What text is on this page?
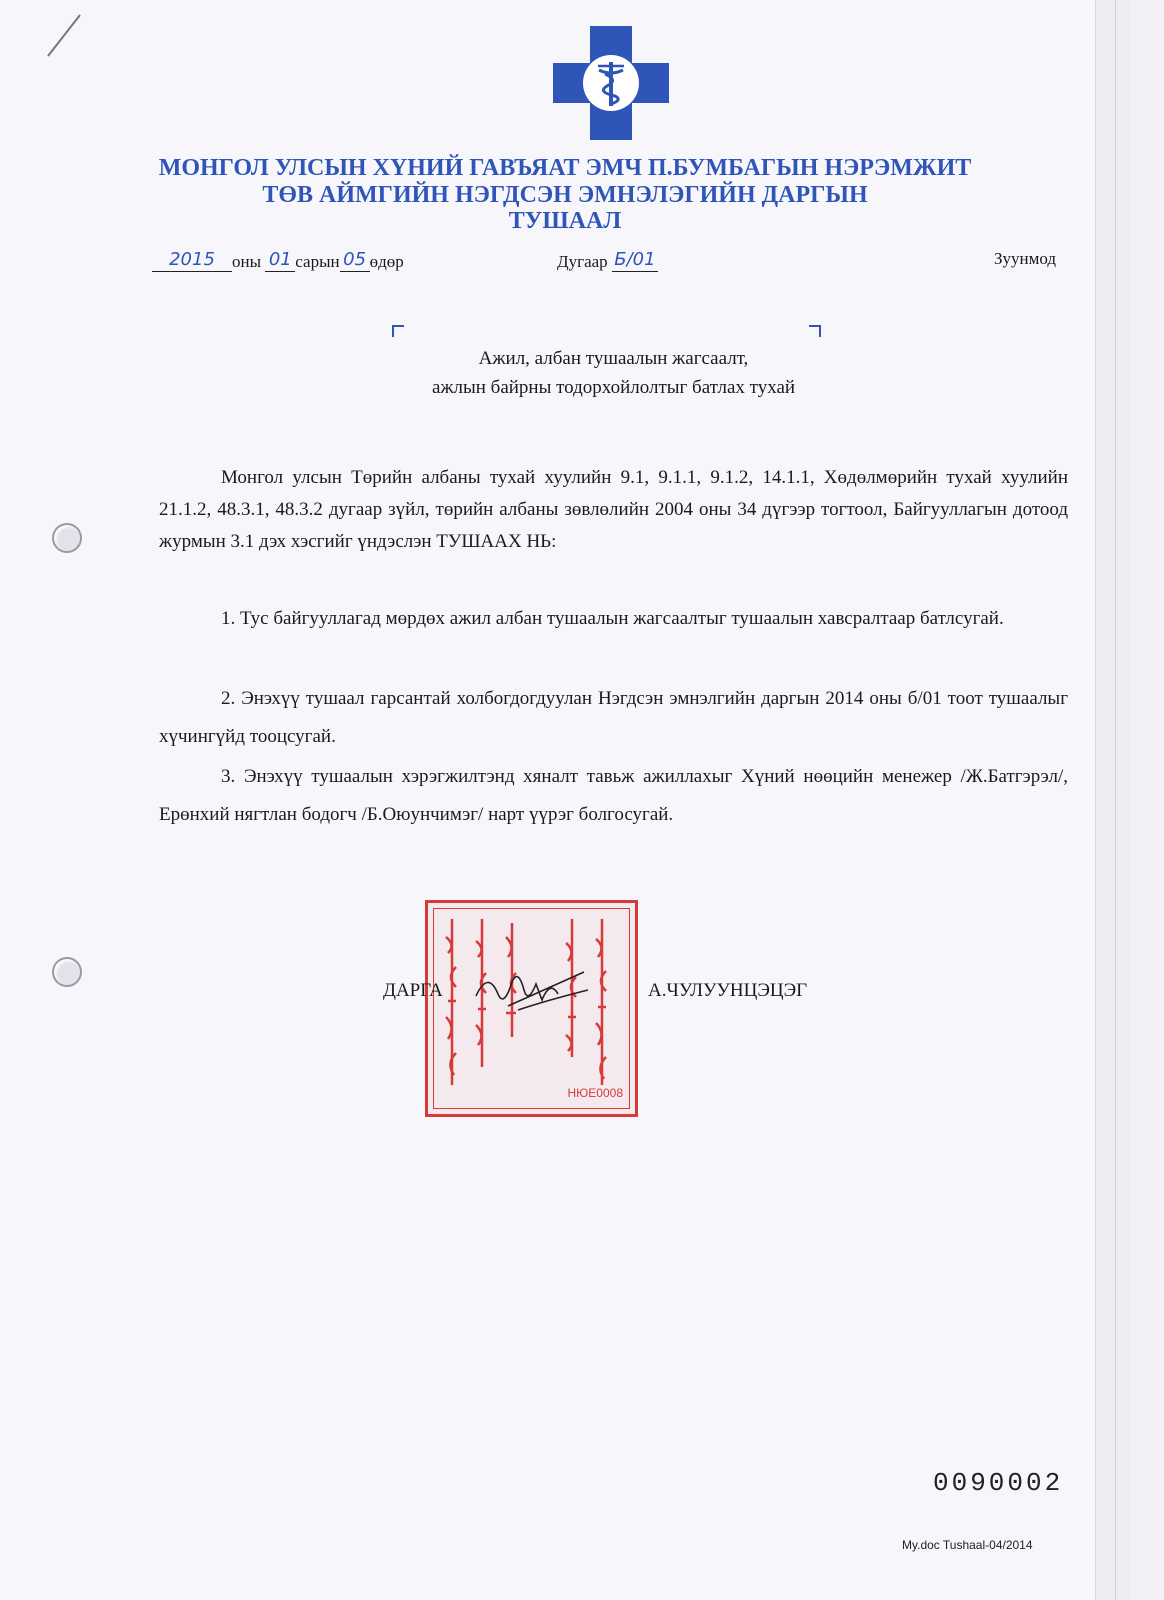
МОНГОЛ УЛСЫН ХҮНИЙ ГАВЪЯАТ ЭМЧ П.БУМБАГЫН НЭРЭМЖИТ
ТӨВ АЙМГИЙН НЭГДСЭН ЭМНЭЛЭГИЙН ДАРГЫН
ТУШААЛ
2015 оны 01 сарын 05 өдөр	Дугаар Б/01	Зуунмод
Ажил, албан тушаалын жагсаалт,
ажлын байрны тодорхойлолтыг батлах тухай
Монгол улсын Төрийн албаны тухай хуулийн 9.1, 9.1.1, 9.1.2, 14.1.1, Хөдөлмөрийн тухай хуулийн 21.1.2, 48.3.1, 48.3.2 дугаар зүйл, төрийн албаны зөвлөлийн 2004 оны 34 дүгээр тогтоол, Байгууллагын дотоод журмын 3.1 дэх хэсгийг үндэслэн ТУШААХ НЬ:
1. Тус байгууллагад мөрдөх ажил албан тушаалын жагсаалтыг тушаалын хавсралтаар батлсугай.
2. Энэхүү тушаал гарсантай холбогдогдуулан Нэгдсэн эмнэлгийн даргын 2014 оны б/01 тоот тушаалыг хүчингүйд тооцсугай.
3. Энэхүү тушаалын хэрэгжилтэнд хяналт тавьж ажиллахыг Хүний нөөцийн менежер /Ж.Батгэрэл/, Ерөнхий нягтлан бодогч /Б.Оюунчимэг/ нарт үүрэг болгосугай.
НЮЕ0008
ДАРГА	А.ЧУЛУУНЦЭЦЭГ
0090002
My.doc Tushaal-04/2014
